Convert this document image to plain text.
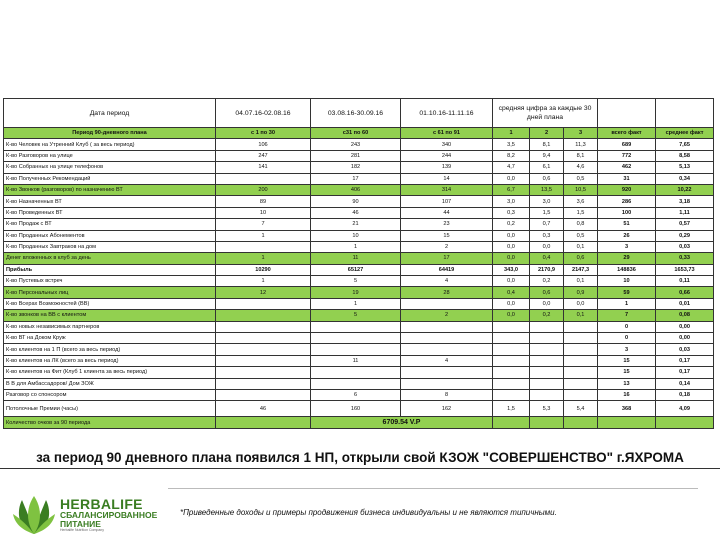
Дата период	04.07.16-02.08.16	03.08.16-30.09.16	01.10.16-11.11.16	средняя цифра за каждые 30 дней плана				
Период 90-дневного плана	с 1 по 30	с31 по 60	с 61 по 91	1	2	3	всего факт	среднее факт
К-во Человек на Утренний Клуб ( за весь период)	106	243	340	3,5	8,1	11,3	689	7,65
К-во Разговоров на улице	247	281	244	8,2	9,4	8,1	772	8,58
К-во Собранных на улице телефонов	141	182	139	4,7	6,1	4,6	462	5,13
К-во Полученных Рекомендаций		17	14	0,0	0,6	0,5	31	0,34
К-во Звонков (разговоров) по назначению ВТ	200	406	314	6,7	13,5	10,5	920	10,22
К-во Назначенных ВТ	89	90	107	3,0	3,0	3,6	286	3,18
К-во Проведенных ВТ	10	46	44	0,3	1,5	1,5	100	1,11
К-во Продаж с ВТ	7	21	23	0,2	0,7	0,8	51	0,57
К-во Проданных Абонементов	1	10	15	0,0	0,3	0,5	26	0,29
К-во Проданных Завтраков на дом		1	2	0,0	0,0	0,1	3	0,03
Денег вложенных в клуб за день	1	11	17	0,0	0,4	0,6	29	0,33
Прибыль	10290	65127	64419	343,0	2170,9	2147,3	148836	1653,73
К-во Пустевых встреч	1	5	4	0,0	0,2	0,1	10	0,11
К-во Персональных лиц	12	19	28	0,4	0,6	0,9	59	0,66
К-во Всерах Возможностей (ВВ)		1		0,0	0,0	0,0	1	0,01
К-во звонков на ВВ с клиентом		5	2	0,0	0,2	0,1	7	0,08
К-во новых независимых партнеров							0	0,00
К-во ВТ на Доком Круж							0	0,00
К-во клиентов на 1 П (всего за весь период)							3	0,03
К-во клиентов на ЛК (всего за весь период)		11	4				15	0,17
К-во клиентов на Фит (Клуб 1 клиента за весь период)							15	0,17
В В для Амбассадоров/ Дом ЗОЖ							13	0,14
Разговор со спонсором		6	8				16	0,18
Потолочные Премии (часы)	46	160	162	1,5	5,3	5,4	368	4,09
Количество очков за 90 периода		6709.54 V.P						
за период 90 дневного плана появился 1 НП, открыли свой КЗОЖ "СОВЕРШЕНСТВО" г.ЯХРОМА
HERBALIFE
СБАЛАНСИРОВАННОЕ
ПИТАНИЕ
Herbalife Nutrition Company
*Приведенные доходы и примеры продвижения бизнеса индивидуальны и не являются типичными.
